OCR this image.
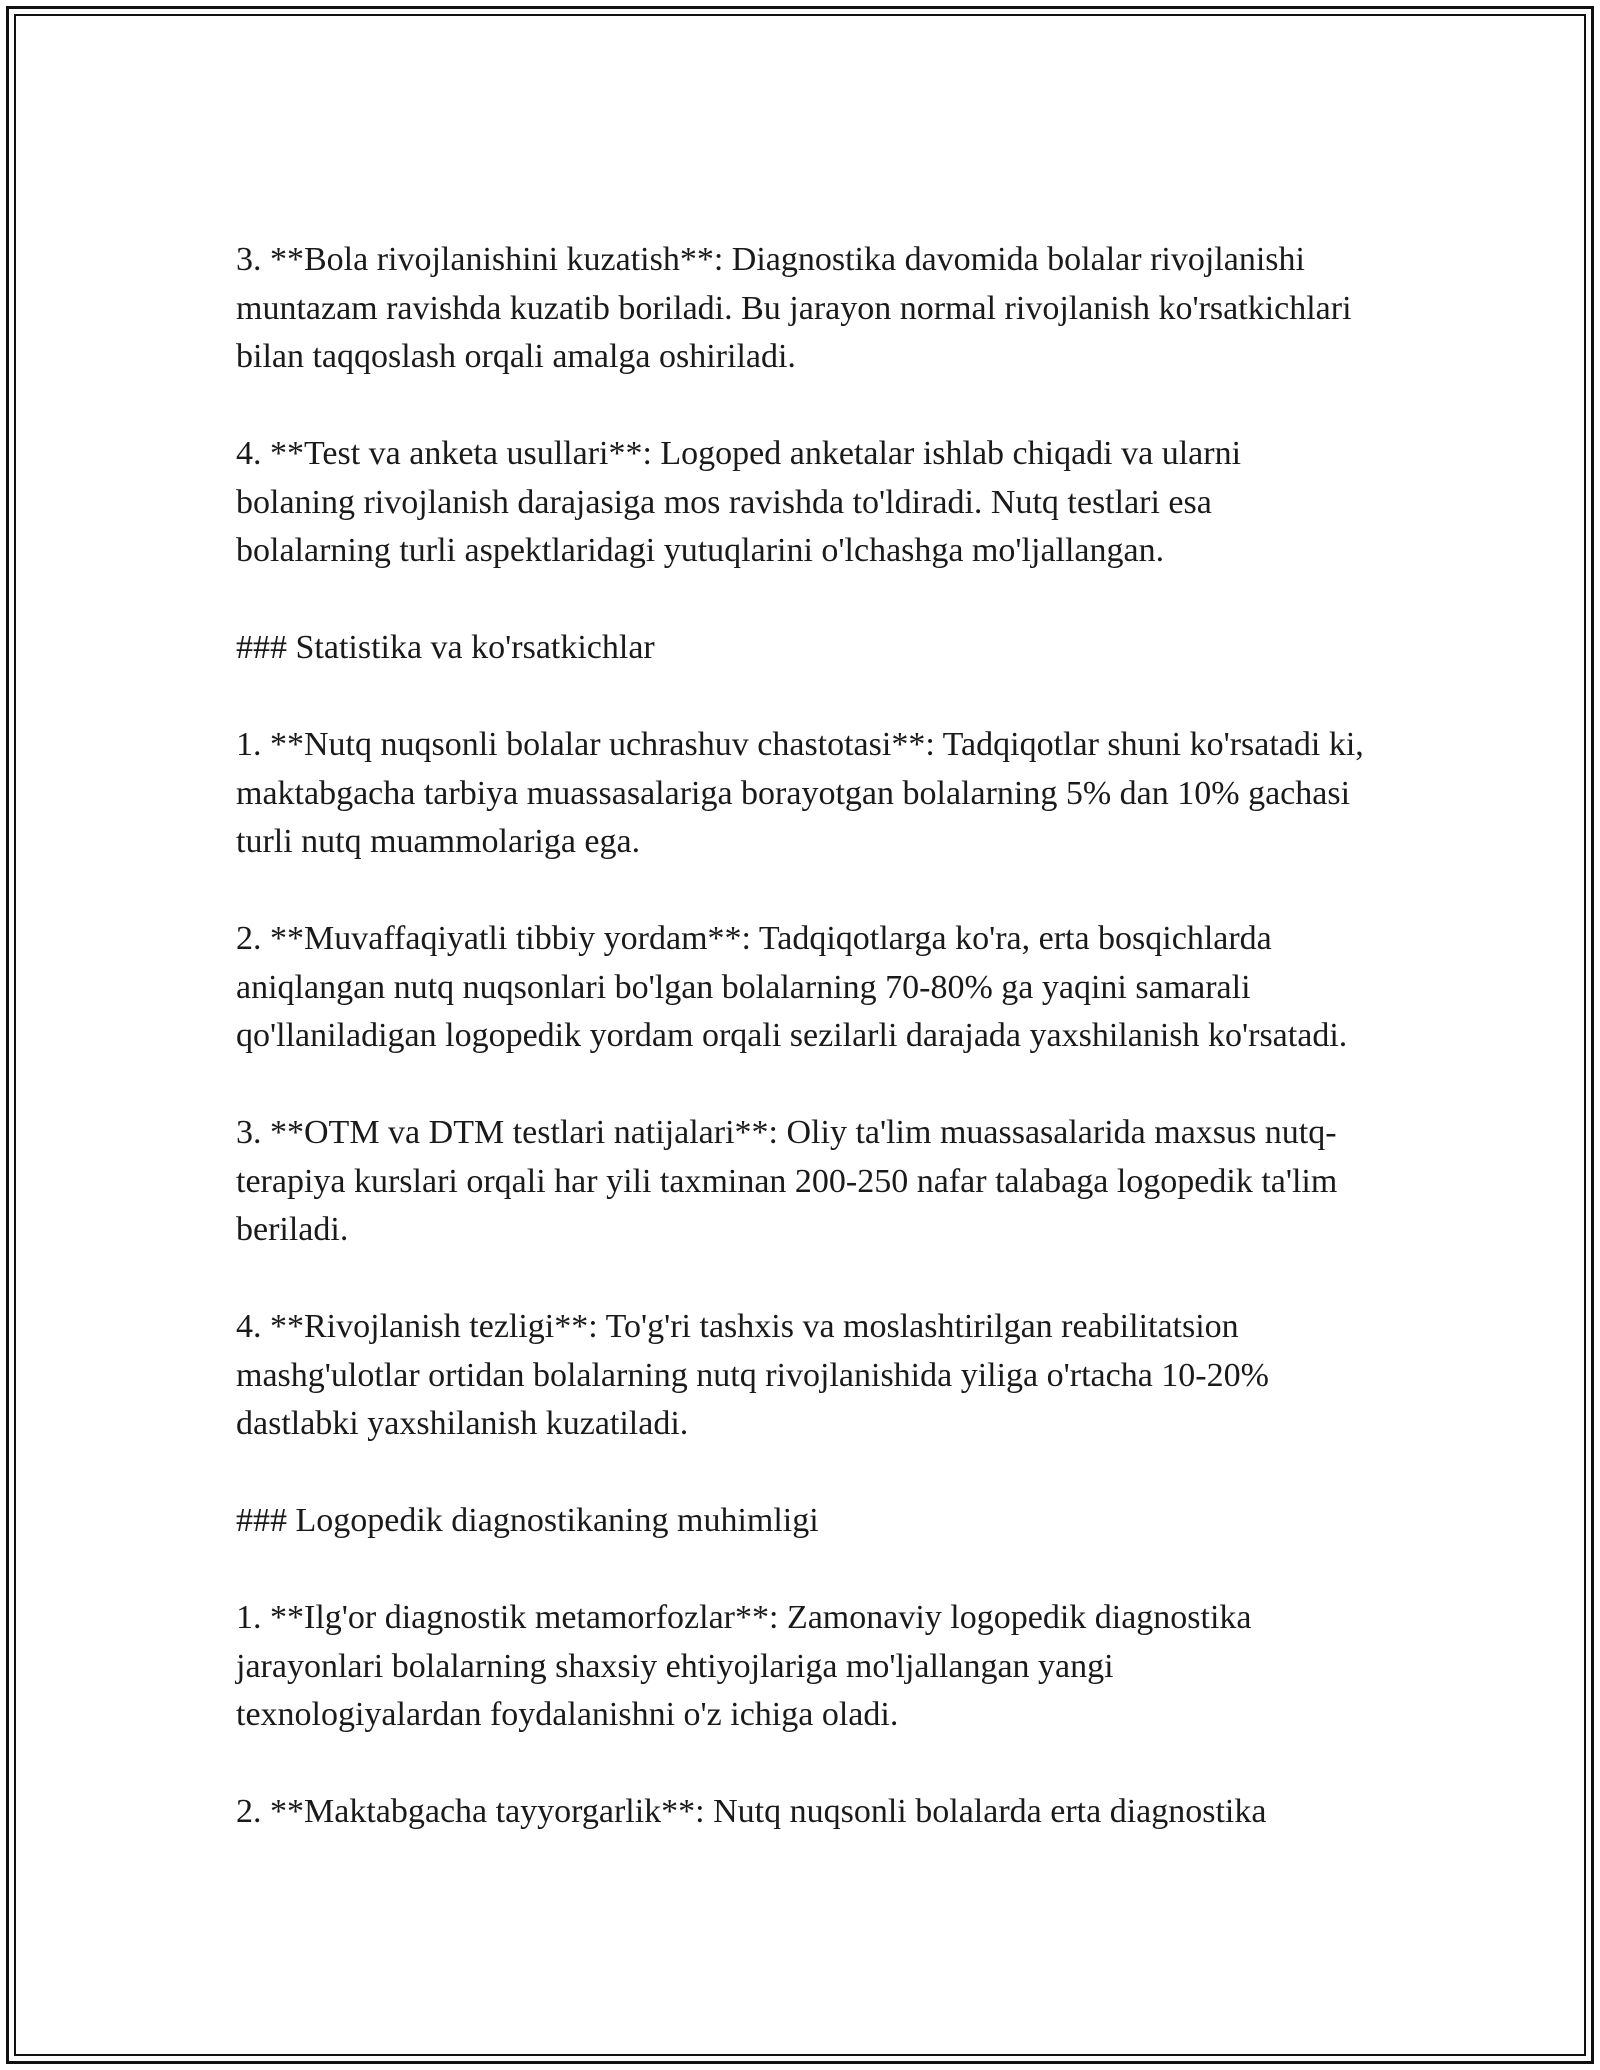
3. **Bola rivojlanishini kuzatish**: Diagnostika davomida bolalar rivojlanishi muntazam ravishda kuzatib boriladi. Bu jarayon normal rivojlanish ko'rsatkichlari bilan taqqoslash orqali amalga oshiriladi.

4. **Test va anketa usullari**: Logoped anketalar ishlab chiqadi va ularni bolaning rivojlanish darajasiga mos ravishda to'ldiradi. Nutq testlari esa bolalarning turli aspektlaridagi yutuqlarini o'lchashga mo'ljallangan.

### Statistika va ko'rsatkichlar

1. **Nutq nuqsonli bolalar uchrashuv chastotasi**: Tadqiqotlar shuni ko'rsatadi ki, maktabgacha tarbiya muassasalariga borayotgan bolalarning 5% dan 10% gachasi turli nutq muammolariga ega.

2. **Muvaffaqiyatli tibbiy yordam**: Tadqiqotlarga ko'ra, erta bosqichlarda aniqlangan nutq nuqsonlari bo'lgan bolalarning 70-80% ga yaqini samarali qo'llaniladigan logopedik yordam orqali sezilarli darajada yaxshilanish ko'rsatadi.

3. **OTM va DTM testlari natijalari**: Oliy ta'lim muassasalarida maxsus nutq-terapiya kurslari orqali har yili taxminan 200-250 nafar talabaga logopedik ta'lim beriladi.

4. **Rivojlanish tezligi**: To'g'ri tashxis va moslashtirilgan reabilitatsion mashg'ulotlar ortidan bolalarning nutq rivojlanishida yiliga o'rtacha 10-20% dastlabki yaxshilanish kuzatiladi.

### Logopedik diagnostikaning muhimligi

1. **Ilg'or diagnostik metamorfozlar**: Zamonaviy logopedik diagnostika jarayonlari bolalarning shaxsiy ehtiyojlariga mo'ljallangan yangi texnologiyalardan foydalanishni o'z ichiga oladi.

2. **Maktabgacha tayyorgarlik**: Nutq nuqsonli bolalarda erta diagnostika
